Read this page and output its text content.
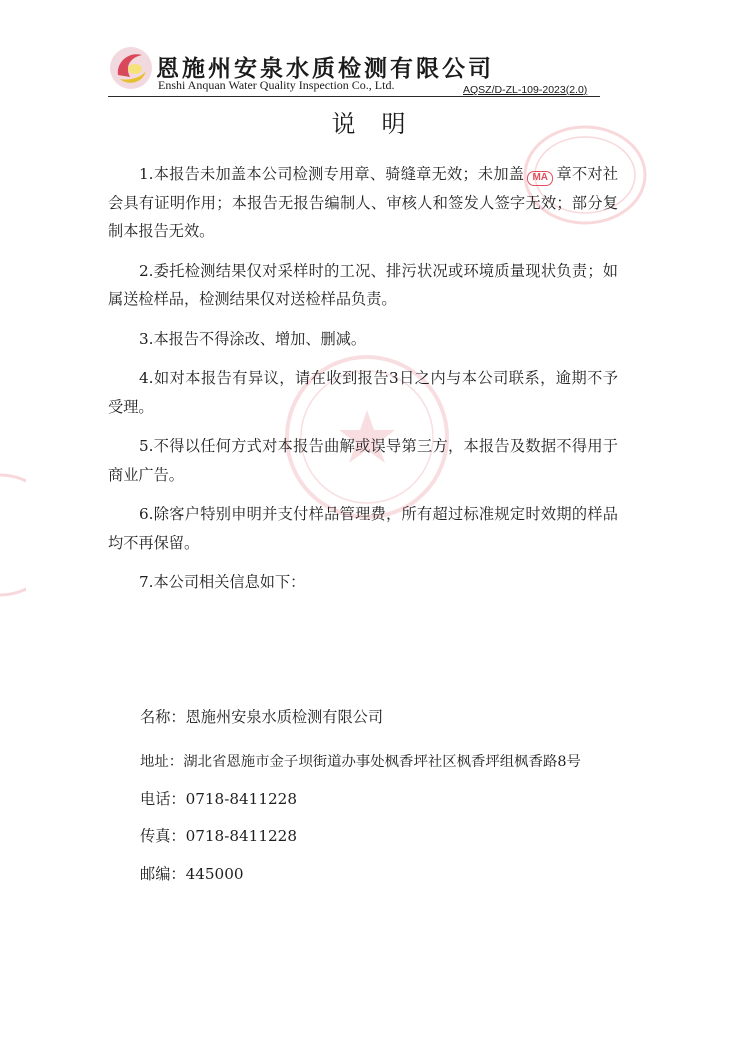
恩施州安泉水质检测有限公司
Enshi Anquan Water Quality Inspection Co., Ltd.	AQSZ/D-ZL-109-2023(2.0)
说明

1.本报告未加盖本公司检测专用章、骑缝章无效；未加盖 MA 章不对社会具有证明作用；本报告无报告编制人、审核人和签发人签字无效；部分复制本报告无效。

2.委托检测结果仅对采样时的工况、排污状况或环境质量现状负责；如属送检样品，检测结果仅对送检样品负责。

3.本报告不得涂改、增加、删减。

4.如对本报告有异议，请在收到报告3日之内与本公司联系，逾期不予受理。

5.不得以任何方式对本报告曲解或误导第三方，本报告及数据不得用于商业广告。

6.除客户特别申明并支付样品管理费，所有超过标准规定时效期的样品均不再保留。

7.本公司相关信息如下：

名称：恩施州安泉水质检测有限公司
地址：湖北省恩施市金子坝街道办事处枫香坪社区枫香坪组枫香路8号
电话：0718-8411228
传真：0718-8411228
邮编：445000
